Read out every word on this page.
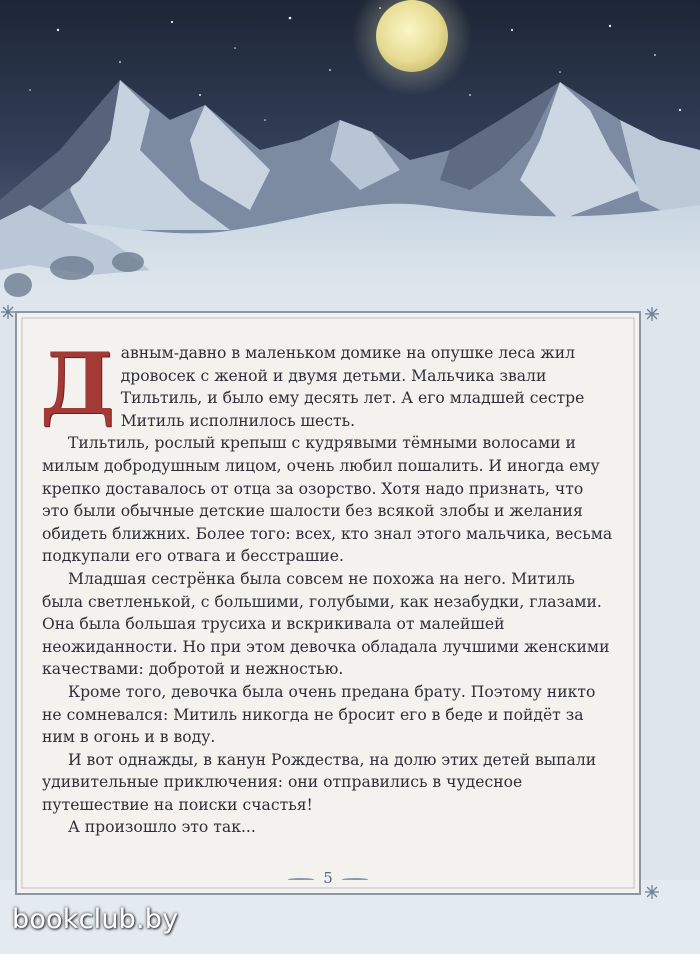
Давным-давно в маленьком домике на опушке леса жил дровосек с женой и двумя детьми. Мальчика звали Тильтиль, и было ему десять лет. А его младшей сестре Митиль исполнилось шесть.

Тильтиль, рослый крепыш с кудрявыми тёмными волосами и милым добродушным лицом, очень любил пошалить. И иногда ему крепко доставалось от отца за озорство. Хотя надо признать, что это были обычные детские шалости без всякой злобы и желания обидеть ближних. Более того: всех, кто знал этого мальчика, весьма подкупали его отвага и бесстрашие.

Младшая сестрёнка была совсем не похожа на него. Митиль была светленькой, с большими, голубыми, как незабудки, глазами. Она была большая трусиха и вскрикивала от малейшей неожиданности. Но при этом девочка обладала лучшими женскими качествами: добротой и нежностью.

Кроме того, девочка была очень предана брату. Поэтому никто не сомневался: Митиль никогда не бросит его в беде и пойдёт за ним в огонь и в воду.

И вот однажды, в канун Рождества, на долю этих детей выпали удивительные приключения: они отправились в чудесное путешествие на поиски счастья!

А произошло это так...

5
bookclub.by
